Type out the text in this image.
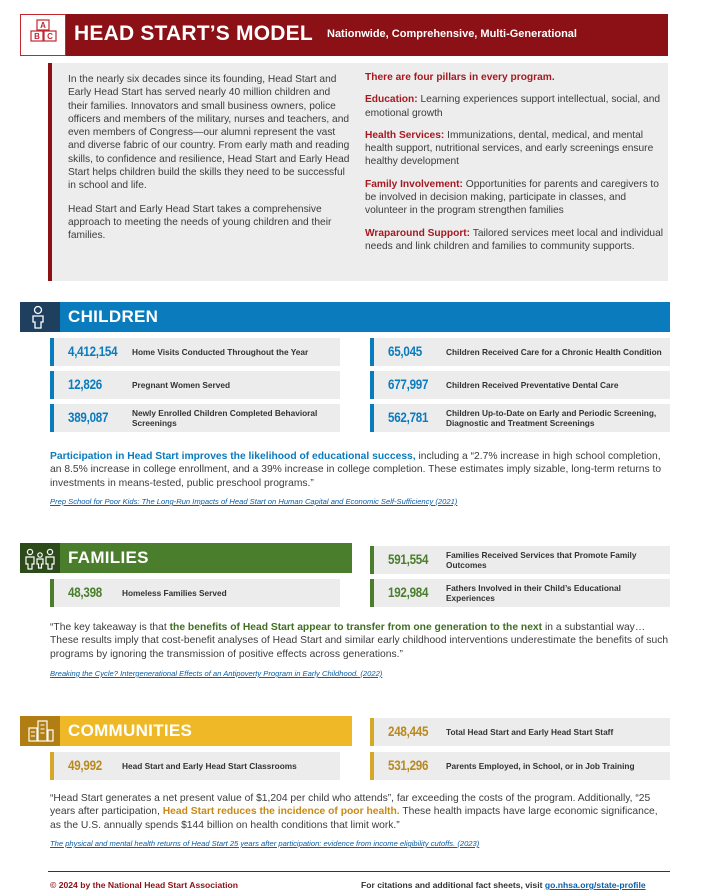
A
B C HEAD START’S MODEL Nationwide, Comprehensive, Multi-Generational

In the nearly six decades since its founding, Head Start and Early Head Start has served nearly 40 million children and their families. Innovators and small business owners, police officers and members of the military, nurses and teachers, and even members of Congress—our alumni represent the vast and diverse fabric of our country. From early math and reading skills, to confidence and resilience, Head Start and Early Head Start helps children build the skills they need to be successful in school and life.

Head Start and Early Head Start takes a comprehensive approach to meeting the needs of young children and their families.

There are four pillars in every program.

Education: Learning experiences support intellectual, social, and emotional growth

Health Services: Immunizations, dental, medical, and mental health support, nutritional services, and early screenings ensure healthy development

Family Involvement: Opportunities for parents and caregivers to be involved in decision making, participate in classes, and volunteer in the program strengthen families

Wraparound Support: Tailored services meet local and individual needs and link children and families to community supports.

CHILDREN
4,412,154 Home Visits Conducted Throughout the Year
12,826	Pregnant Women Served
389,087	Newly Enrolled Children Completed Behavioral Screenings
65,045	Children Received Care for a Chronic Health Condition
677,997 Children Received Preventative Dental Care
562,781 Children Up-to-Date on Early and Periodic Screening, Diagnostic and Treatment Screenings
Participation in Head Start improves the likelihood of educational success, including a “2.7% increase in high school completion, an 8.5% increase in college enrollment, and a 39% increase in college completion. These estimates imply sizable, long-term returns to investments in means-tested, public preschool programs.”
Prep School for Poor Kids: The Long-Run Impacts of Head Start on Human Capital and Economic Self-Sufficiency (2021)
FAMILIES
48,398 Homeless Families Served
591,554 Families Received Services that Promote Family Outcomes
192,984 Fathers Involved in their Child’s Educational Experiences
“The key takeaway is that the benefits of Head Start appear to transfer from one generation to the next in a substantial way… These results imply that cost-benefit analyses of Head Start and similar early childhood interventions underestimate the benefits of such programs by ignoring the transmission of positive effects across generations.”
Breaking the Cycle? Intergenerational Effects of an Antipoverty Program in Early Childhood. (2022)
COMMUNITIES
49,992 Head Start and Early Head Start Classrooms
248,445 Total Head Start and Early Head Start Staff
531,296 Parents Employed, in School, or in Job Training
“Head Start generates a net present value of $1,204 per child who attends”, far exceeding the costs of the program. Additionally, “25 years after participation, Head Start reduces the incidence of poor health. These health impacts have large economic significance, as the U.S. annually spends $144 billion on health conditions that limit work.”
The physical and mental health returns of Head Start 25 years after participation: evidence from income eligibility cutoffs. (2023)
© 2024 by the National Head Start Association	For citations and additional fact sheets, visit go.nhsa.org/state-profile
